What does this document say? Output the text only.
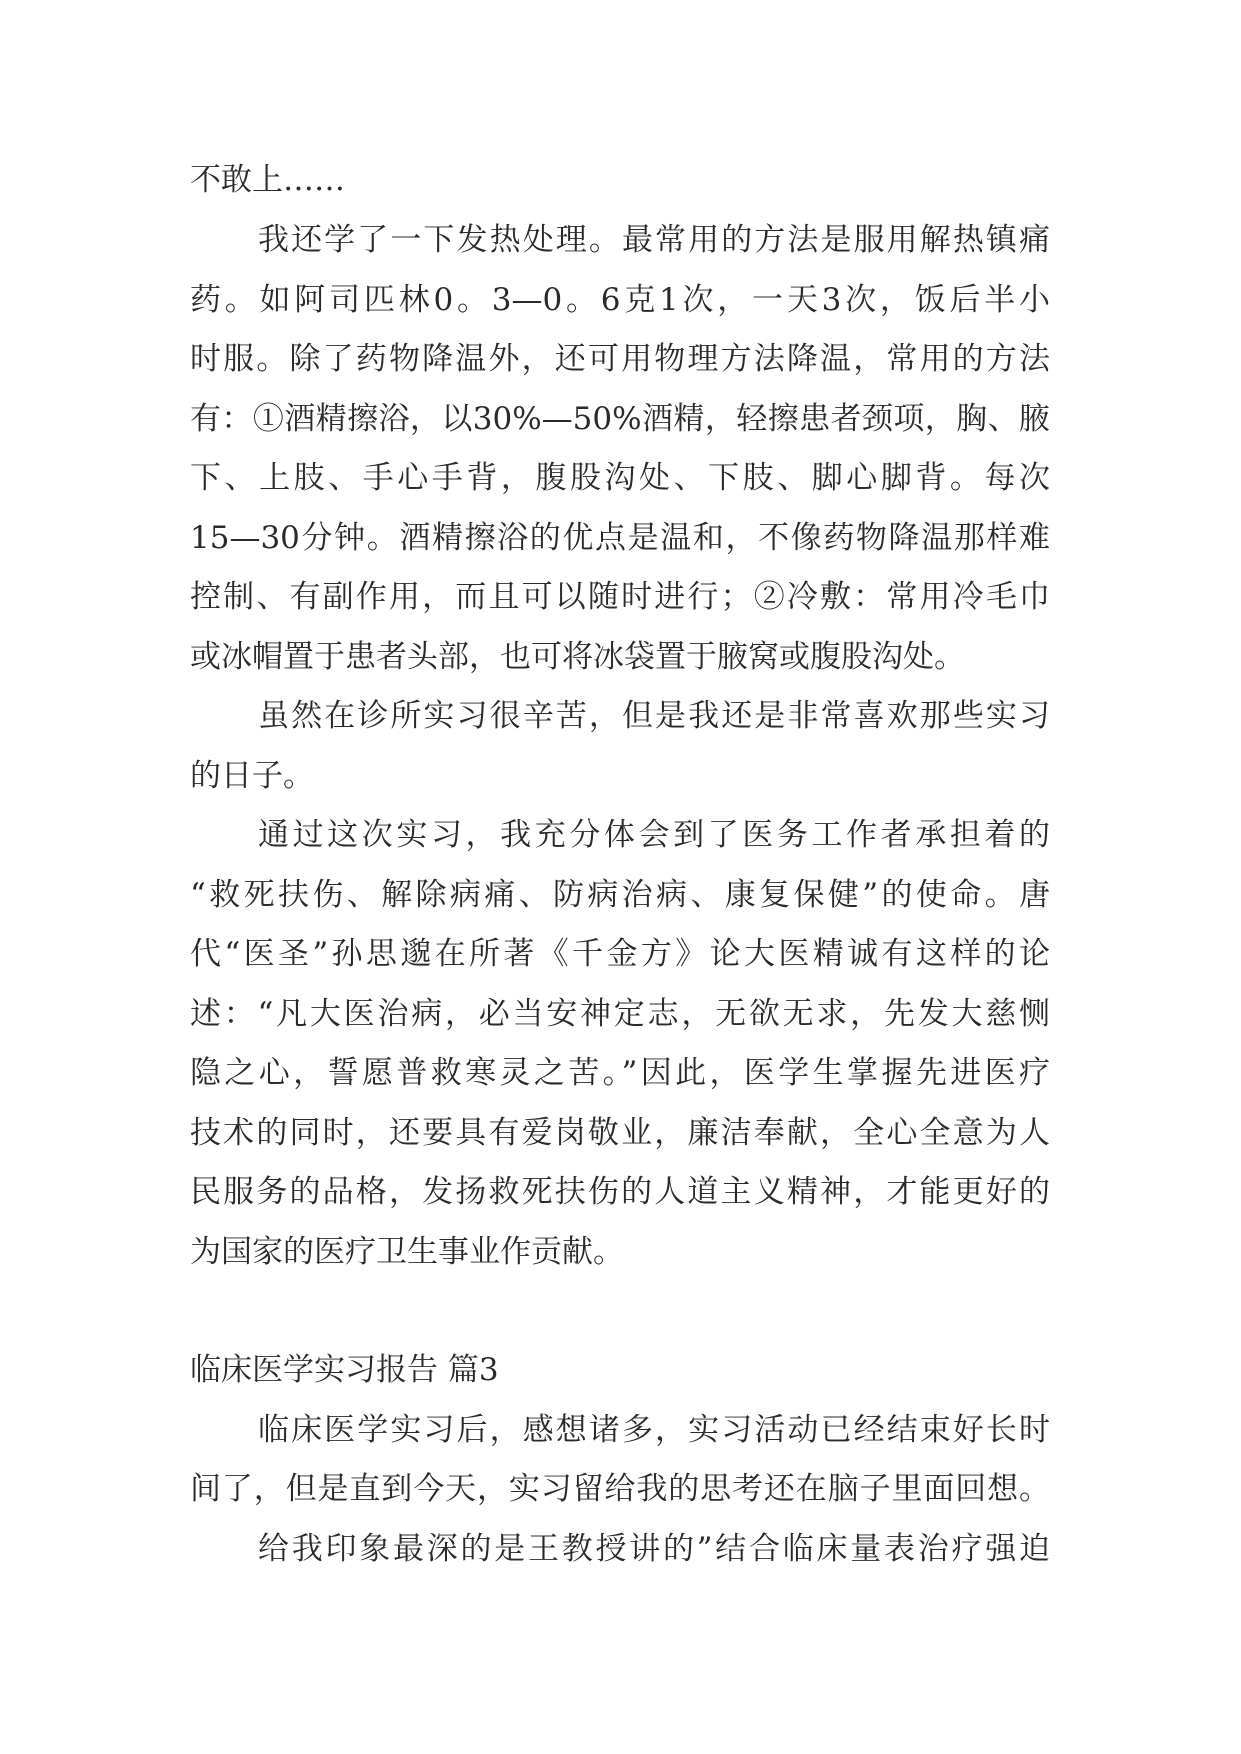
不敢上……
我还学了一下发热处理。最常用的方法是服用解热镇痛
药。如阿司匹林0。3—0。6克1次，一天3次，饭后半小
时服。除了药物降温外，还可用物理方法降温，常用的方法
有：①酒精擦浴，以30%—50%酒精，轻擦患者颈项，胸、腋
下、上肢、手心手背，腹股沟处、下肢、脚心脚背。每次
15—30分钟。酒精擦浴的优点是温和，不像药物降温那样难
控制、有副作用，而且可以随时进行；②冷敷：常用冷毛巾
或冰帽置于患者头部，也可将冰袋置于腋窝或腹股沟处。
虽然在诊所实习很辛苦，但是我还是非常喜欢那些实习
的日子。
通过这次实习，我充分体会到了医务工作者承担着的
“救死扶伤、解除病痛、防病治病、康复保健”的使命。唐
代“医圣”孙思邈在所著《千金方》论大医精诚有这样的论
述：“凡大医治病，必当安神定志，无欲无求，先发大慈恻
隐之心，誓愿普救寒灵之苦。”因此，医学生掌握先进医疗
技术的同时，还要具有爱岗敬业，廉洁奉献，全心全意为人
民服务的品格，发扬救死扶伤的人道主义精神，才能更好的
为国家的医疗卫生事业作贡献。
临床医学实习报告 篇3
临床医学实习后，感想诸多，实习活动已经结束好长时
间了，但是直到今天，实习留给我的思考还在脑子里面回想。
给我印象最深的是王教授讲的”结合临床量表治疗强迫
